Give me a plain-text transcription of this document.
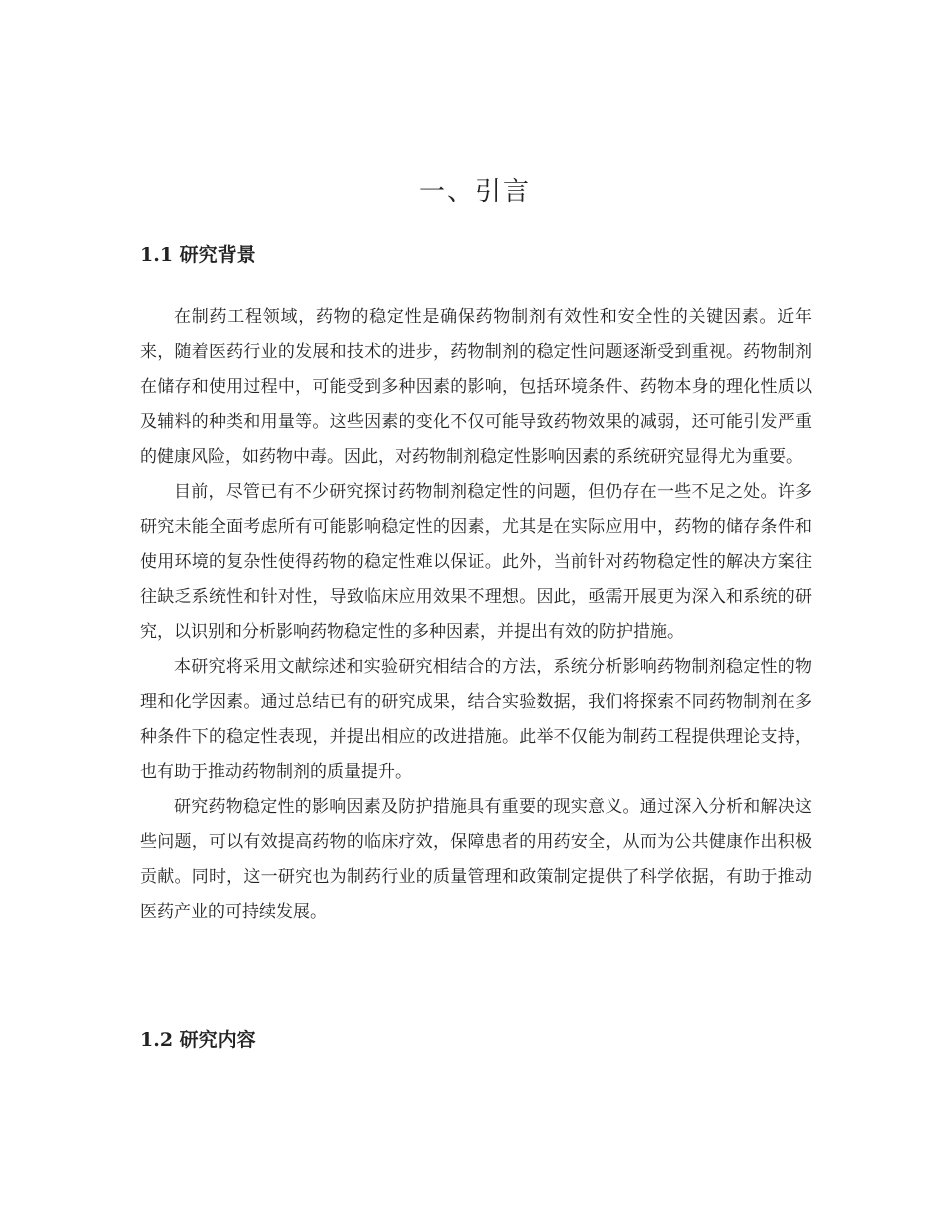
一、引言
1.1 研究背景

在制药工程领域，药物的稳定性是确保药物制剂有效性和安全性的关键因素。近年来，随着医药行业的发展和技术的进步，药物制剂的稳定性问题逐渐受到重视。药物制剂在储存和使用过程中，可能受到多种因素的影响，包括环境条件、药物本身的理化性质以及辅料的种类和用量等。这些因素的变化不仅可能导致药物效果的减弱，还可能引发严重的健康风险，如药物中毒。因此，对药物制剂稳定性影响因素的系统研究显得尤为重要。

目前，尽管已有不少研究探讨药物制剂稳定性的问题，但仍存在一些不足之处。许多研究未能全面考虑所有可能影响稳定性的因素，尤其是在实际应用中，药物的储存条件和使用环境的复杂性使得药物的稳定性难以保证。此外，当前针对药物稳定性的解决方案往往缺乏系统性和针对性，导致临床应用效果不理想。因此，亟需开展更为深入和系统的研究，以识别和分析影响药物稳定性的多种因素，并提出有效的防护措施。

本研究将采用文献综述和实验研究相结合的方法，系统分析影响药物制剂稳定性的物理和化学因素。通过总结已有的研究成果，结合实验数据，我们将探索不同药物制剂在多种条件下的稳定性表现，并提出相应的改进措施。此举不仅能为制药工程提供理论支持，也有助于推动药物制剂的质量提升。

研究药物稳定性的影响因素及防护措施具有重要的现实意义。通过深入分析和解决这些问题，可以有效提高药物的临床疗效，保障患者的用药安全，从而为公共健康作出积极贡献。同时，这一研究也为制药行业的质量管理和政策制定提供了科学依据，有助于推动医药产业的可持续发展。

1.2 研究内容
